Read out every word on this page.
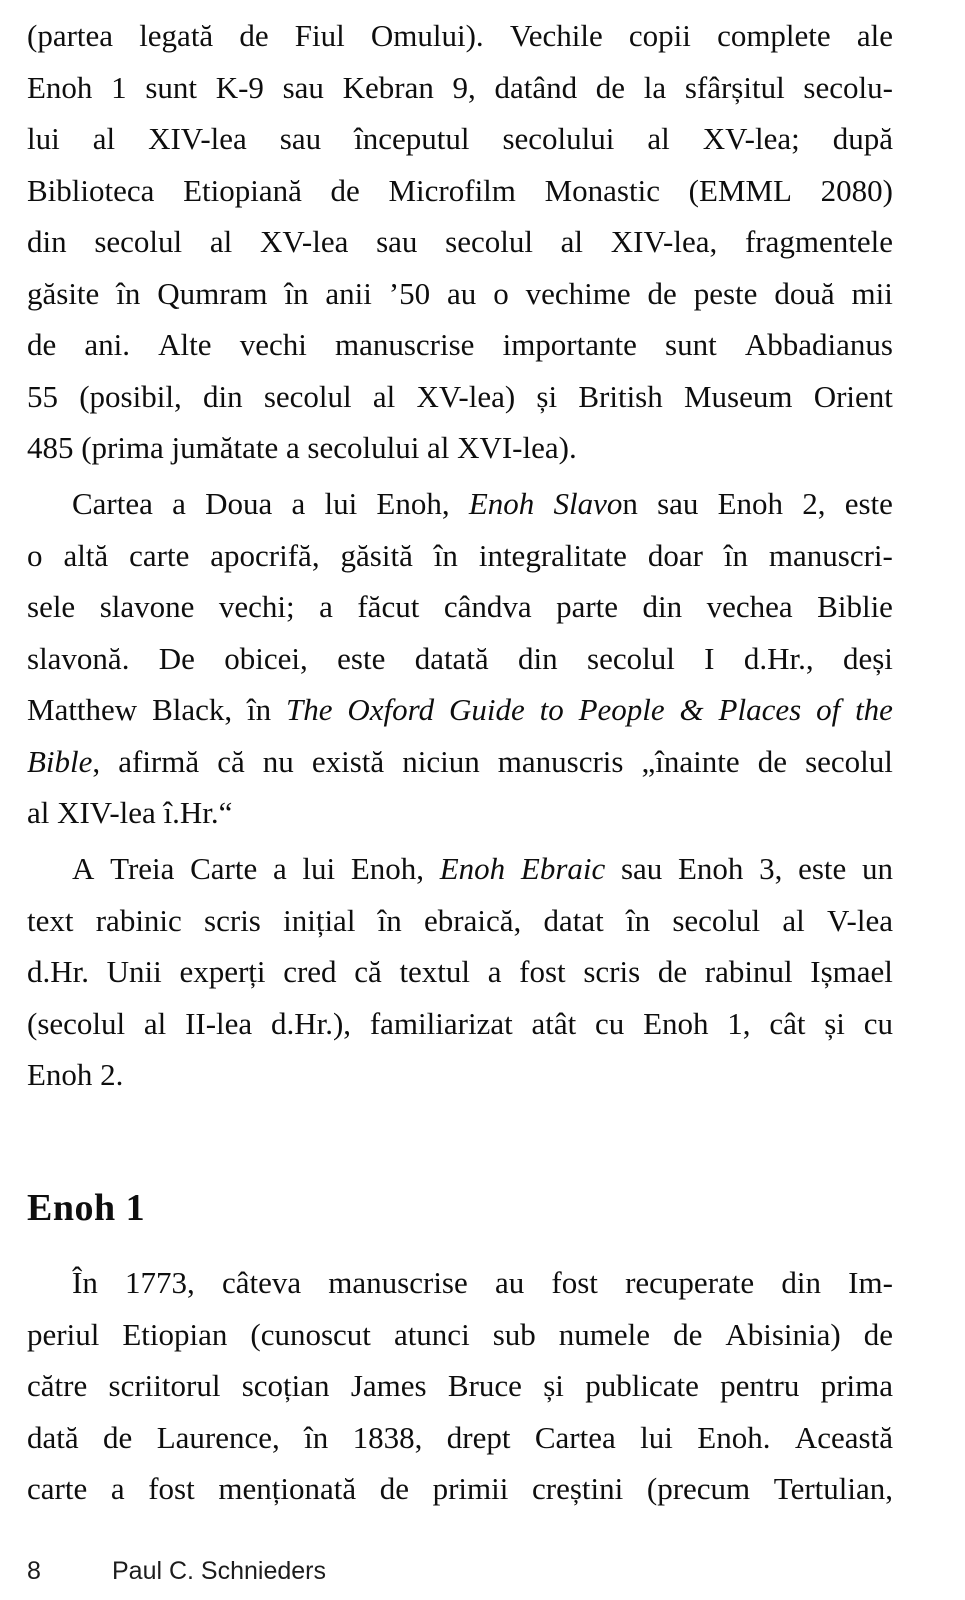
(partea legată de Fiul Omului). Vechile copii complete ale
Enoh 1 sunt K-9 sau Kebran 9, datând de la sfârșitul secolu-
lui al XIV-lea sau începutul secolului al XV-lea; după
Biblioteca Etiopiană de Microfilm Monastic (EMML 2080)
din secolul al XV-lea sau secolul al XIV-lea, fragmentele
găsite în Qumram în anii ’50 au o vechime de peste două mii
de ani. Alte vechi manuscrise importante sunt Abbadianus
55 (posibil, din secolul al XV-lea) și British Museum Orient
485 (prima jumătate a secolului al XVI-lea).
Cartea a Doua a lui Enoh, Enoh Slavon sau Enoh 2, este
o altă carte apocrifă, găsită în integralitate doar în manuscri-
sele slavone vechi; a făcut cândva parte din vechea Biblie
slavonă. De obicei, este datată din secolul I d.Hr., deși
Matthew Black, în The Oxford Guide to People & Places of the
Bible, afirmă că nu există niciun manuscris „înainte de secolul
al XIV-lea î.Hr.“
A Treia Carte a lui Enoh, Enoh Ebraic sau Enoh 3, este un
text rabinic scris inițial în ebraică, datat în secolul al V-lea
d.Hr. Unii experți cred că textul a fost scris de rabinul Ișmael
(secolul al II-lea d.Hr.), familiarizat atât cu Enoh 1, cât și cu
Enoh 2.
Enoh 1
În 1773, câteva manuscrise au fost recuperate din Im-
periul Etiopian (cunoscut atunci sub numele de Abisinia) de
către scriitorul scoțian James Bruce și publicate pentru prima
dată de Laurence, în 1838, drept Cartea lui Enoh. Această
carte a fost menționată de primii creștini (precum Tertulian,
8	Paul C. Schnieders
